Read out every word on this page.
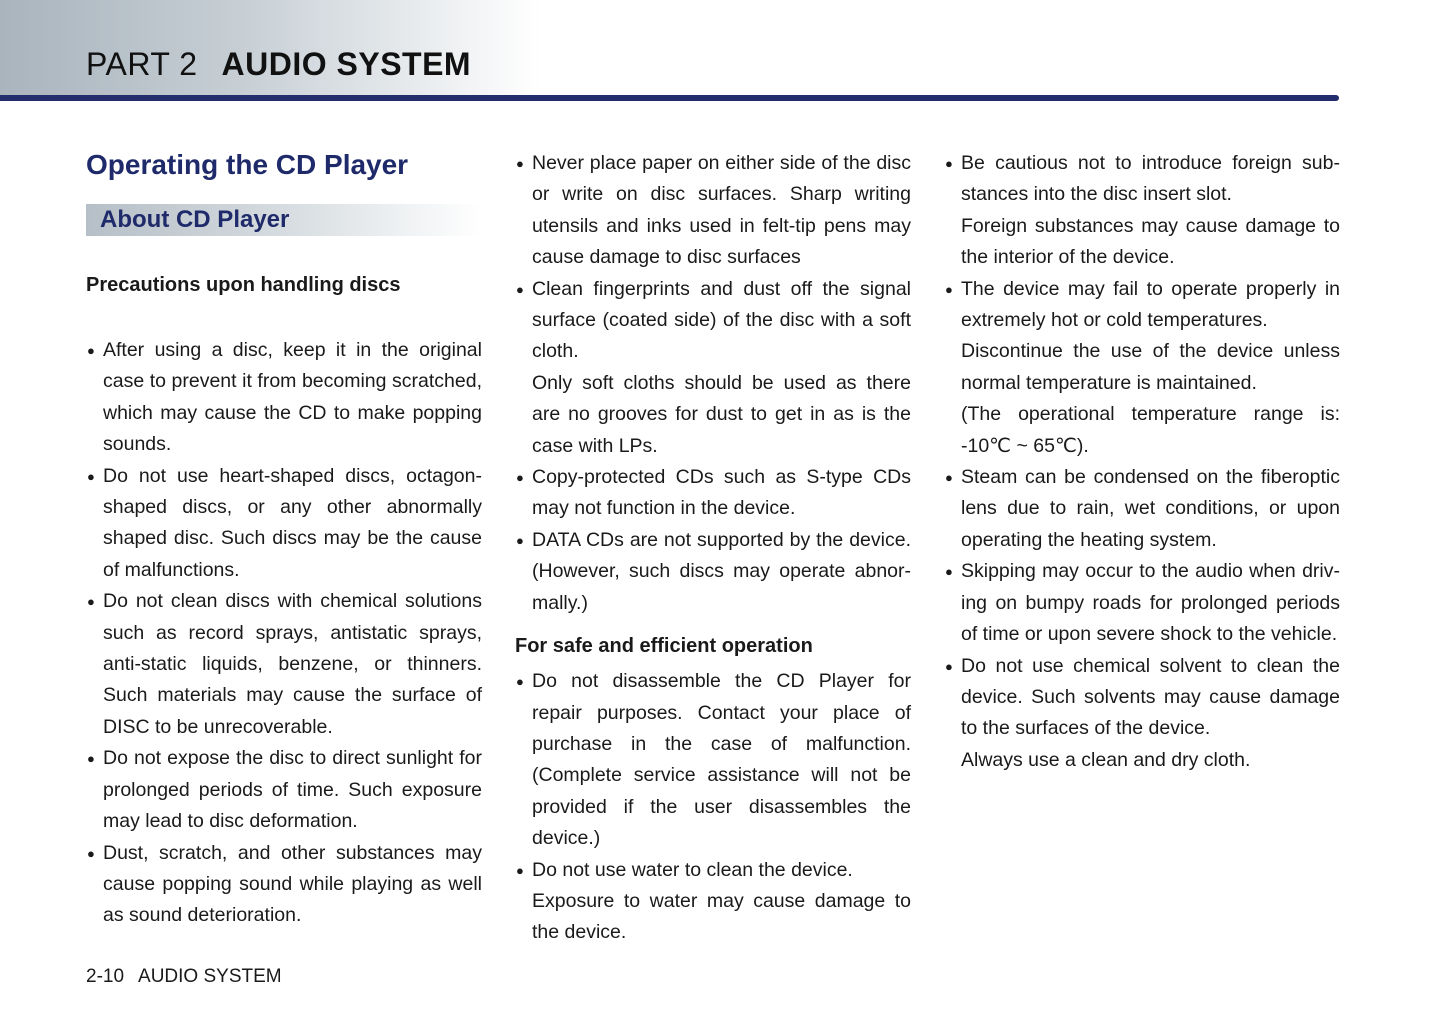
PART 2 AUDIO SYSTEM
Operating the CD Player
About CD Player
Precautions upon handling discs
● After using a disc, keep it in the original case to prevent it from becoming scratched, which may cause the CD to make popping sounds.

● Do not use heart-shaped discs, octagon-shaped discs, or any other abnormally shaped disc. Such discs may be the cause of malfunctions.

● Do not clean discs with chemical solutions such as record sprays, antistatic sprays, anti-static liquids, benzene, or thinners. Such materials may cause the surface of DISC to be unrecoverable.

● Do not expose the disc to direct sunlight for prolonged periods of time. Such exposure may lead to disc deformation.

● Dust, scratch, and other substances may cause popping sound while playing as well as sound deterioration.

● Never place paper on either side of the disc or write on disc surfaces. Sharp writing utensils and inks used in felt-tip pens may cause damage to disc surfaces

● Clean fingerprints and dust off the signal surface (coated side) of the disc with a soft cloth.

Only soft cloths should be used as there are no grooves for dust to get in as is the case with LPs.

● Copy-protected CDs such as S-type CDs may not function in the device.

● DATA CDs are not supported by the device. (However, such discs may operate abnor-mally.)

For safe and efficient operation
● Do not disassemble the CD Player for repair purposes. Contact your place of purchase in the case of malfunction. (Complete service assistance will not be provided if the user disassembles the device.)

● Do not use water to clean the device.

Exposure to water may cause damage to the device.

● Be cautious not to introduce foreign sub-stances into the disc insert slot.

Foreign substances may cause damage to the interior of the device.

● The device may fail to operate properly in extremely hot or cold temperatures.

Discontinue the use of the device unless normal temperature is maintained.

(The operational temperature range is: -10℃ ~ 65℃).

● Steam can be condensed on the fiberoptic lens due to rain, wet conditions, or upon operating the heating system.

● Skipping may occur to the audio when driv-ing on bumpy roads for prolonged periods of time or upon severe shock to the vehicle.

● Do not use chemical solvent to clean the device. Such solvents may cause damage to the surfaces of the device.

Always use a clean and dry cloth.

2-10 AUDIO SYSTEM
